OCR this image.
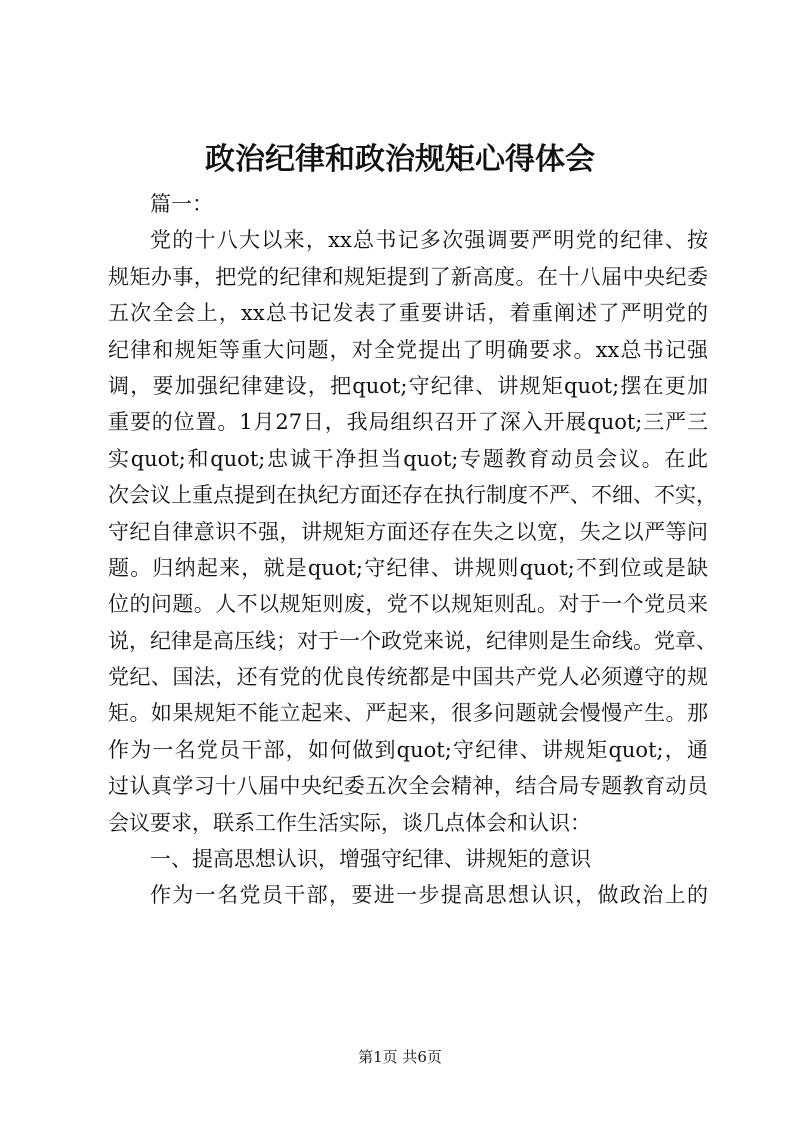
政治纪律和政治规矩心得体会
篇一：
党的十八大以来，xx总书记多次强调要严明党的纪律、按
规矩办事，把党的纪律和规矩提到了新高度。在十八届中央纪委
五次全会上，xx总书记发表了重要讲话，着重阐述了严明党的
纪律和规矩等重大问题，对全党提出了明确要求。xx总书记强
调，要加强纪律建设，把quot;守纪律、讲规矩quot;摆在更加
重要的位置。1月27日，我局组织召开了深入开展quot;三严三
实quot;和quot;忠诚干净担当quot;专题教育动员会议。在此
次会议上重点提到在执纪方面还存在执行制度不严、不细、不实，
守纪自律意识不强，讲规矩方面还存在失之以宽，失之以严等问
题。归纳起来，就是quot;守纪律、讲规则quot;不到位或是缺
位的问题。人不以规矩则废，党不以规矩则乱。对于一个党员来
说，纪律是高压线；对于一个政党来说，纪律则是生命线。党章、
党纪、国法，还有党的优良传统都是中国共产党人必须遵守的规
矩。如果规矩不能立起来、严起来，很多问题就会慢慢产生。那
作为一名党员干部，如何做到quot;守纪律、讲规矩quot;，通
过认真学习十八届中央纪委五次全会精神，结合局专题教育动员
会议要求，联系工作生活实际，谈几点体会和认识：
一、提高思想认识，增强守纪律、讲规矩的意识
作为一名党员干部，要进一步提高思想认识，做政治上的
第1页 共6页
